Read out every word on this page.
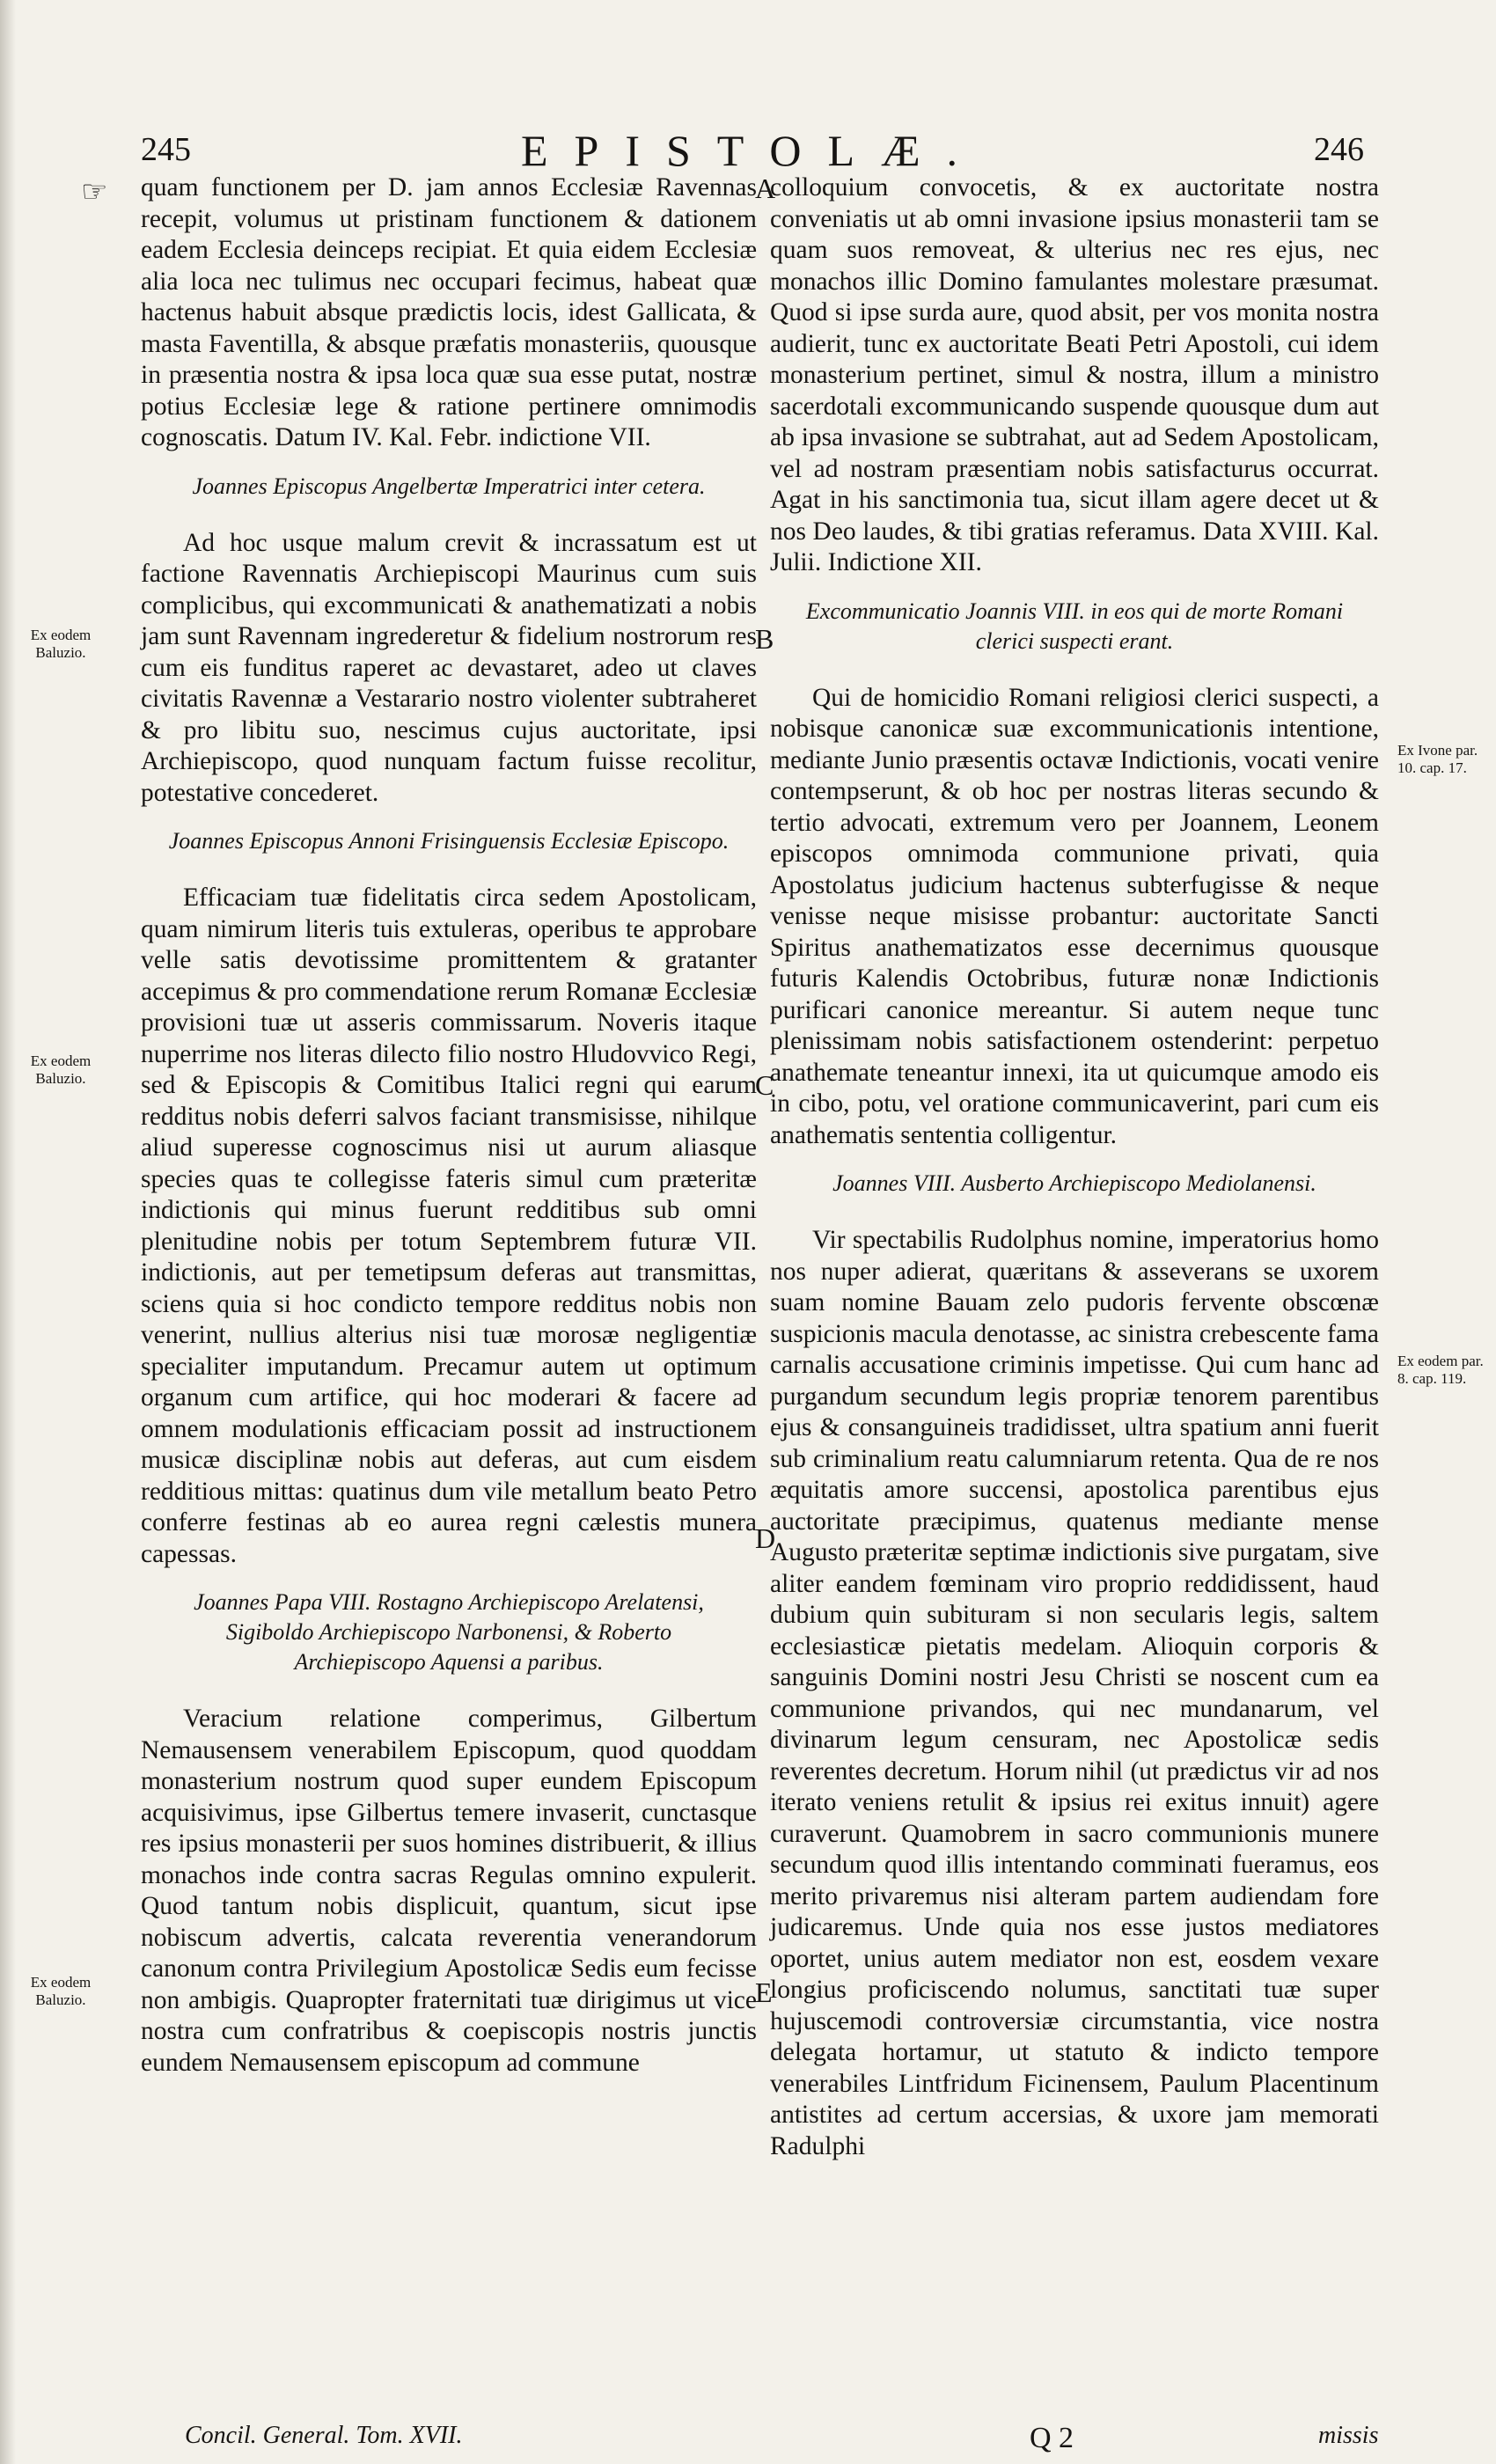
245	EPISTOLÆ.	246
☞ quam functionem per D. jam annos Ecclesiæ Ravennas recepit, volumus ut pristinam functionem & dationem eadem Ecclesia deinceps recipiat. Et quia eidem Ecclesiæ alia loca nec tulimus nec occupari fecimus, habeat quæ hactenus habuit absque prædictis locis, idest Gallicata, & masta Faventilla, & absque præfatis monasteriis, quousque in præsentia nostra & ipsa loca quæ sua esse putat, nostræ potius Ecclesiæ lege & ratione pertinere omnimodis cognoscatis. Datum IV. Kal. Febr. indictione VII.

Joannes Episcopus Angelbertæ Imperatrici inter cetera.

Ad hoc usque malum crevit & incrassatum est ut factione Ravennatis Archiepiscopi Maurinus cum suis complicibus, qui excommunicati & anathematizati a nobis jam sunt Ravennam ingrederetur & fidelium nostrorum res cum eis funditus raperet ac devastaret, adeo ut claves civitatis Ravennæ a Vestarario nostro violenter subtraheret & pro libitu suo, nescimus cujus auctoritate, ipsi Archiepiscopo, quod nunquam factum fuisse recolitur, potestative concederet.

Joannes Episcopus Annoni Frisinguensis Ecclesiæ Episcopo.

Efficaciam tuæ fidelitatis circa sedem Apostolicam, quam nimirum literis tuis extuleras, operibus te approbare velle satis devotissime promittentem & gratanter accepimus & pro commendatione rerum Romanæ Ecclesiæ provisioni tuæ ut asseris commissarum. Noveris itaque nuperrime nos literas dilecto filio nostro Hludovvico Regi, sed & Episcopis & Comitibus Italici regni qui earum redditus nobis deferri salvos faciant transmisisse, nihilque aliud superesse cognoscimus nisi ut aurum aliasque species quas te collegisse fateris simul cum præteritæ indictionis qui minus fuerunt redditibus sub omni plenitudine nobis per totum Septembrem futuræ VII. indictionis, aut per temetipsum deferas aut transmittas, sciens quia si hoc condicto tempore redditus nobis non venerint, nullius alterius nisi tuæ morosæ negligentiæ specialiter imputandum. Precamur autem ut optimum organum cum artifice, qui hoc moderari & facere ad omnem modulationis efficaciam possit ad instructionem musicæ disciplinæ nobis aut deferas, aut cum eisdem redditious mittas: quatinus dum vile metallum beato Petro conferre festinas ab eo aurea regni cælestis munera capessas.

Joannes Papa VIII. Rostagno Archiepiscopo Arelatensi, Sigiboldo Archiepiscopo Narbonensi, & Roberto Archiepiscopo Aquensi a paribus.

Veracium relatione comperimus, Gilbertum Nemausensem venerabilem Episcopum, quod quoddam monasterium nostrum quod super eundem Episcopum acquisivimus, ipse Gilbertus temere invaserit, cunctasque res ipsius monasterii per suos homines distribuerit, & illius monachos inde contra sacras Regulas omnino expulerit. Quod tantum nobis displicuit, quantum, sicut ipse nobiscum advertis, calcata reverentia venerandorum canonum contra Privilegium Apostolicæ Sedis eum fecisse non ambigis. Quapropter fraternitati tuæ dirigimus ut vice nostra cum confratribus & coepiscopis nostris junctis eundem Nemausensem episcopum ad commune

colloquium convocetis, & ex auctoritate nostra conveniatis ut ab omni invasione ipsius monasterii tam se quam suos removeat, & ulterius nec res ejus, nec monachos illic Domino famulantes molestare præsumat. Quod si ipse surda aure, quod absit, per vos monita nostra audierit, tunc ex auctoritate Beati Petri Apostoli, cui idem monasterium pertinet, simul & nostra, illum a ministro sacerdotali excommunicando suspende quousque dum aut ab ipsa invasione se subtrahat, aut ad Sedem Apostolicam, vel ad nostram præsentiam nobis satisfacturus occurrat. Agat in his sanctimonia tua, sicut illam agere decet ut & nos Deo laudes, & tibi gratias referamus. Data XVIII. Kal. Julii. Indictione XII.

Excommunicatio Joannis VIII. in eos qui de morte Romani clerici suspecti erant.

Qui de homicidio Romani religiosi clerici suspecti, a nobisque canonicæ suæ excommunicationis intentione, mediante Junio præsentis octavæ Indictionis, vocati venire contempserunt, & ob hoc per nostras literas secundo & tertio advocati, extremum vero per Joannem, Leonem episcopos omnimoda communione privati, quia Apostolatus judicium hactenus subterfugisse & neque venisse neque misisse probantur: auctoritate Sancti Spiritus anathematizatos esse decernimus quousque futuris Kalendis Octobribus, futuræ nonæ Indictionis purificari canonice mereantur. Si autem neque tunc plenissimam nobis satisfactionem ostenderint: perpetuo anathemate teneantur innexi, ita ut quicumque amodo eis in cibo, potu, vel oratione communicaverint, pari cum eis anathematis sententia colligentur.

Joannes VIII. Ausberto Archiepiscopo Mediolanensi.

Vir spectabilis Rudolphus nomine, imperatorius homo nos nuper adierat, quæritans & asseverans se uxorem suam nomine Bauam zelo pudoris fervente obscœnæ suspicionis macula denotasse, ac sinistra crebescente fama carnalis accusatione criminis impetisse. Qui cum hanc ad purgandum secundum legis propriæ tenorem parentibus ejus & consanguineis tradidisset, ultra spatium anni fuerit sub criminalium reatu calumniarum retenta. Qua de re nos æquitatis amore succensi, apostolica parentibus ejus auctoritate præcipimus, quatenus mediante mense Augusto præteritæ septimæ indictionis sive purgatam, sive aliter eandem fœminam viro proprio reddidissent, haud dubium quin subituram si non secularis legis, saltem ecclesiasticæ pietatis medelam. Alioquin corporis & sanguinis Domini nostri Jesu Christi se noscent cum ea communione privandos, qui nec mundanarum, vel divinarum legum censuram, nec Apostolicæ sedis reverentes decretum. Horum nihil (ut prædictus vir ad nos iterato veniens retulit & ipsius rei exitus innuit) agere curaverunt. Quamobrem in sacro communionis munere secundum quod illis intentando comminati fueramus, eos merito privaremus nisi alteram partem audiendam fore judicaremus. Unde quia nos esse justos mediatores oportet, unius autem mediator non est, eosdem vexare longius proficiscendo nolumus, sanctitati tuæ super hujuscemodi controversiæ circumstantia, vice nostra delegata hortamur, ut statuto & indicto tempore venerabiles Lintfridum Ficinensem, Paulum Placentinum antistites ad certum accersias, & uxore jam memorati Radulphi

Ex eodem Baluzio.
Ex eodem Baluzio.
Ex eodem Baluzio.
Ex Ivone par. 10. cap. 17.
Ex eodem par. 8. cap. 119.
A
B
C
D
E
Concil. General. Tom. XVII.	Q 2	missis
